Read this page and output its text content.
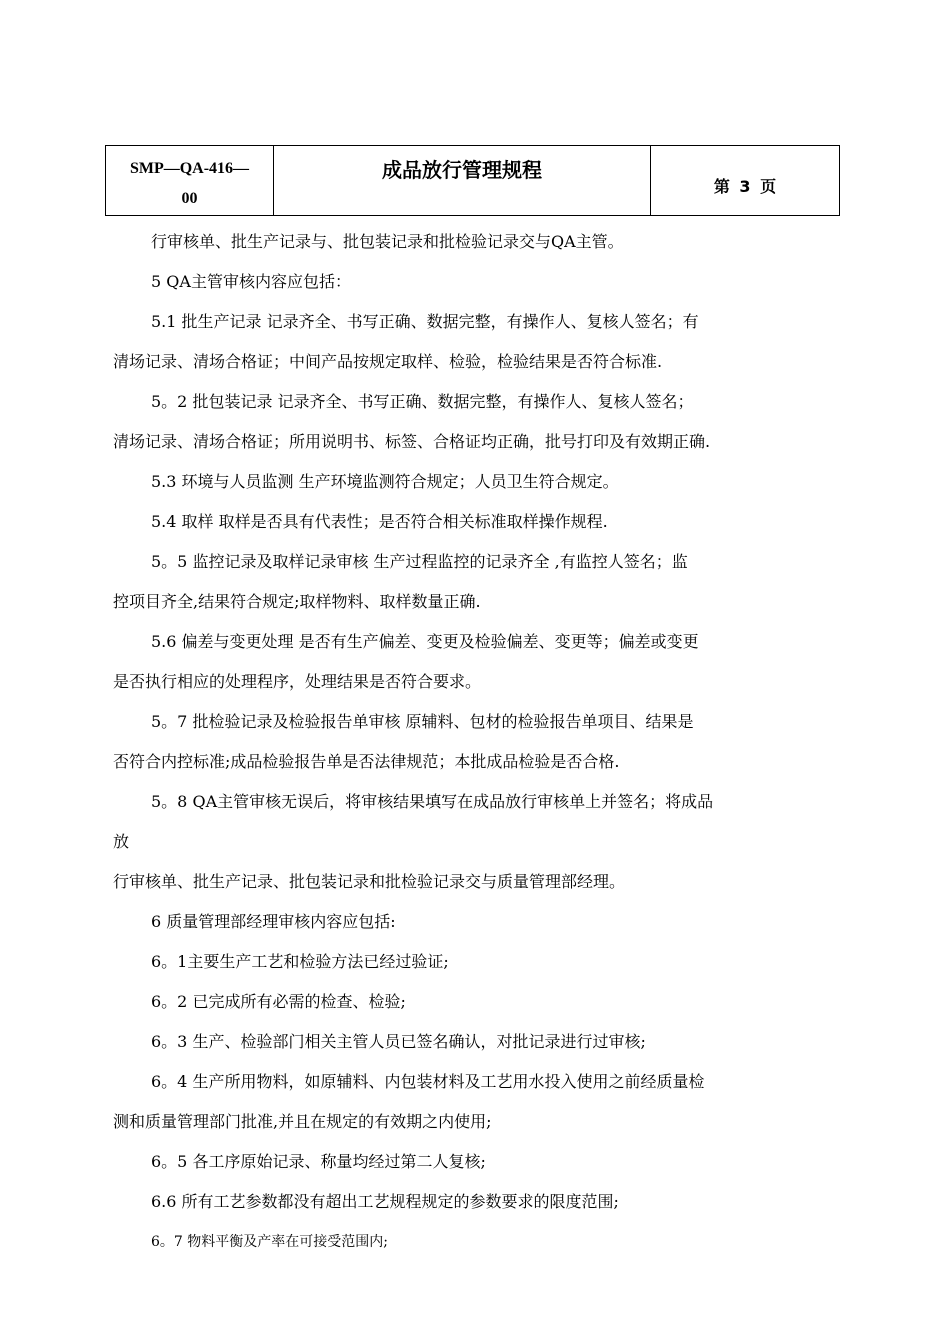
SMP—QA-416—
00
成品放行管理规程
第 3 页
行审核单、批生产记录与、批包装记录和批检验记录交与QA主管。
5 QA主管审核内容应包括：
5.1 批生产记录 记录齐全、书写正确、数据完整，有操作人、复核人签名；有
清场记录、清场合格证；中间产品按规定取样、检验，检验结果是否符合标准.
5。2 批包装记录 记录齐全、书写正确、数据完整，有操作人、复核人签名；
清场记录、清场合格证；所用说明书、标签、合格证均正确，批号打印及有效期正确.
5.3 环境与人员监测 生产环境监测符合规定；人员卫生符合规定。
5.4 取样 取样是否具有代表性；是否符合相关标准取样操作规程.
5。5 监控记录及取样记录审核 生产过程监控的记录齐全 ,有监控人签名；监
控项目齐全,结果符合规定;取样物料、取样数量正确.
5.6 偏差与变更处理 是否有生产偏差、变更及检验偏差、变更等；偏差或变更
是否执行相应的处理程序，处理结果是否符合要求。
5。7 批检验记录及检验报告单审核 原辅料、包材的检验报告单项目、结果是
否符合内控标准;成品检验报告单是否法律规范；本批成品检验是否合格.
5。8 QA主管审核无误后，将审核结果填写在成品放行审核单上并签名；将成品
放
行审核单、批生产记录、批包装记录和批检验记录交与质量管理部经理。
6 质量管理部经理审核内容应包括:
6。1主要生产工艺和检验方法已经过验证;
6。2 已完成所有必需的检查、检验;
6。3 生产、检验部门相关主管人员已签名确认，对批记录进行过审核;
6。4 生产所用物料，如原辅料、内包装材料及工艺用水投入使用之前经质量检
测和质量管理部门批准,并且在规定的有效期之内使用;
6。5 各工序原始记录、称量均经过第二人复核;
6.6 所有工艺参数都没有超出工艺规程规定的参数要求的限度范围;
6。7 物料平衡及产率在可接受范围内;
